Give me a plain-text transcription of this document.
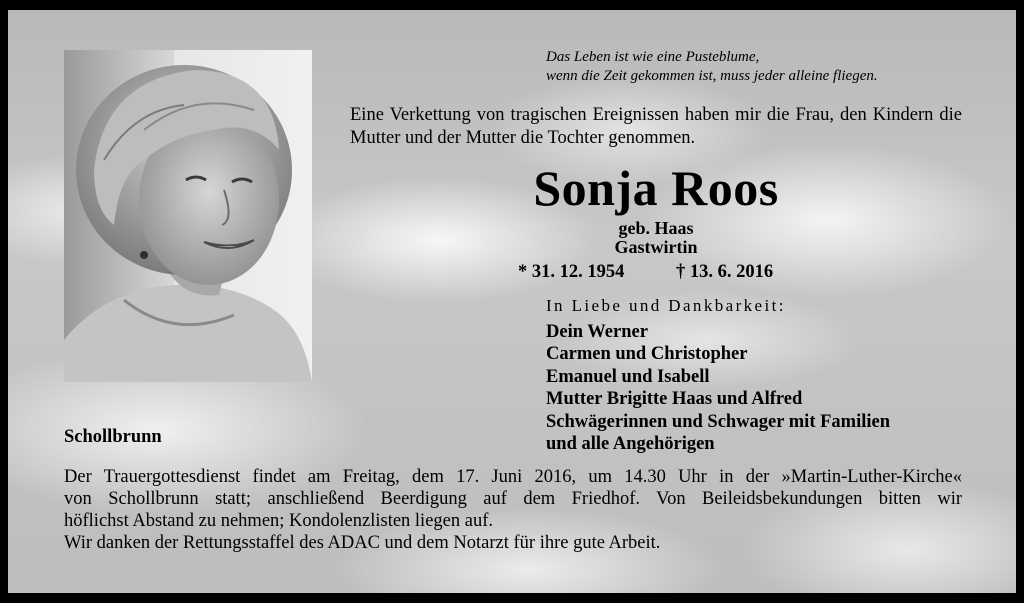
Das Leben ist wie eine Pusteblume,
wenn die Zeit gekommen ist, muss jeder alleine fliegen.
Eine Verkettung von tragischen Ereignissen haben mir die Frau, den Kindern die Mutter und der Mutter die Tochter genommen.
Sonja Roos
geb. Haas
Gastwirtin
* 31. 12. 1954	† 13. 6. 2016
In Liebe und Dankbarkeit:
Dein Werner
Carmen und Christopher
Emanuel und Isabell
Mutter Brigitte Haas und Alfred
Schwägerinnen und Schwager mit Familien
und alle Angehörigen
Schollbrunn
Der Trauergottesdienst findet am Freitag, dem 17. Juni 2016, um 14.30 Uhr in der »Martin-Luther-Kirche«
von Schollbrunn statt; anschließend Beerdigung auf dem Friedhof. Von Beileidsbekundungen bitten wir
höflichst Abstand zu nehmen; Kondolenzlisten liegen auf.
Wir danken der Rettungsstaffel des ADAC und dem Notarzt für ihre gute Arbeit.
